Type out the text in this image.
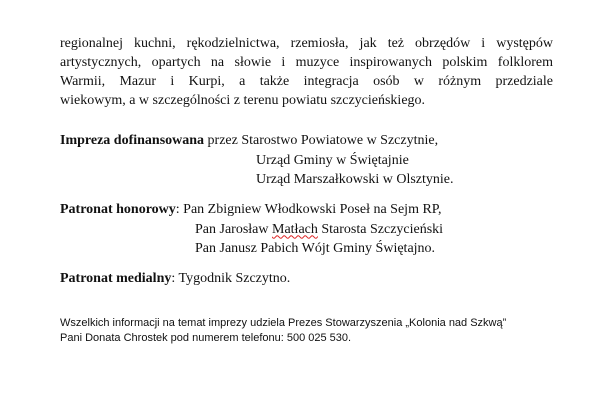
regionalnej kuchni, rękodzielnictwa, rzemiosła, jak też obrzędów i występów
artystycznych, opartych na słowie i muzyce inspirowanych polskim folklorem
Warmii, Mazur i Kurpi, a także integracja osób w różnym przedziale
wiekowym, a w szczególności z terenu powiatu szczycieńskiego.
Impreza dofinansowana przez Starostwo Powiatowe w Szczytnie,
Urząd Gminy w Świętajnie
Urząd Marszałkowski w Olsztynie.
Patronat honorowy: Pan Zbigniew Włodkowski Poseł na Sejm RP,
Pan Jarosław Matłach Starosta Szczycieński
Pan Janusz Pabich Wójt Gminy Świętajno.
Patronat medialny: Tygodnik Szczytno.
Wszelkich informacji na temat imprezy udziela Prezes Stowarzyszenia „Kolonia nad Szkwą”
Pani Donata Chrostek pod numerem telefonu: 500 025 530.
